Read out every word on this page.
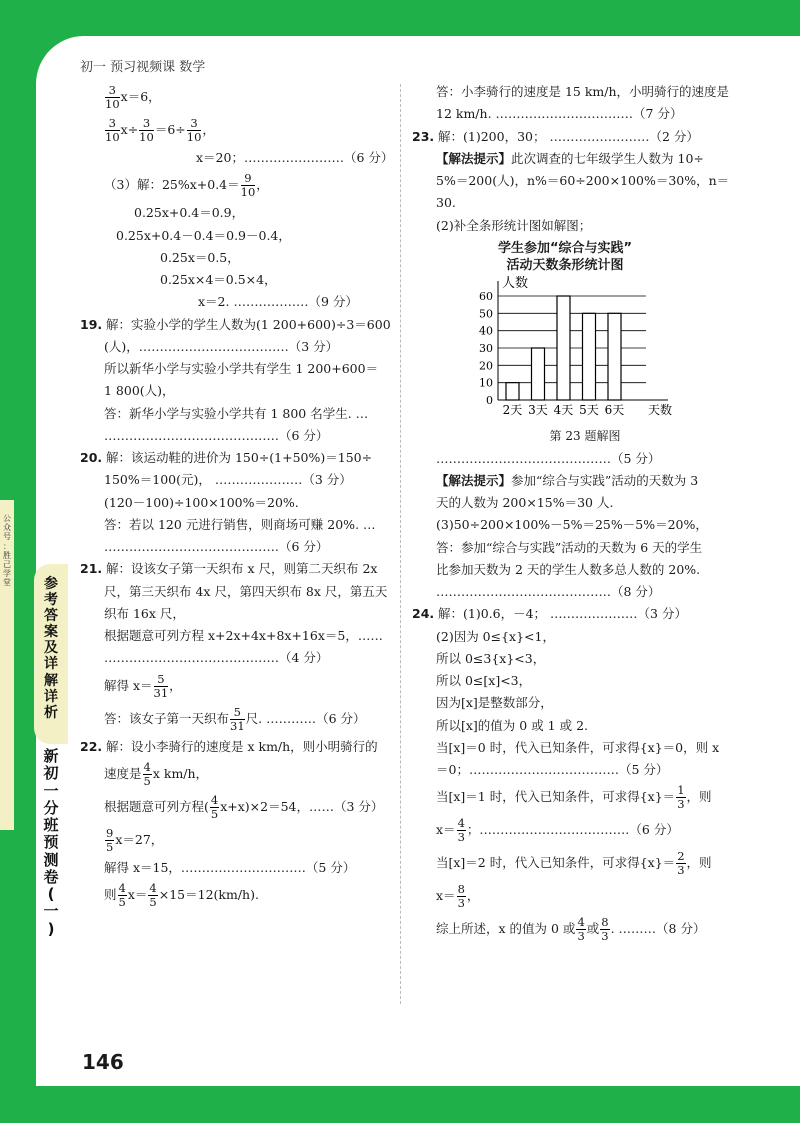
初一 预习视频课 数学
公
众
号
：
胜
己
学
堂	参
考
答
案
及
详
解
详
析
新
初
一
分
班
预
测
卷
(
一
)
$\frac{3}{10} x=6$，
$\frac{3}{10} x\div \frac{3}{10} =6\div \frac{3}{10}$ ，
x＝20；……………………（6 分）
（3）解：$25\%x+0.4= \frac{9}{10}$ ，
0.25x+0.4＝0.9，
0.25x+0.4－0.4＝0.9－0.4，
0.25x＝0.5，
0.25x×4＝0.5×4，
x＝2. ………………（9 分）
19. 解：实验小学的学生人数为(1 200+600)÷3＝600
(人)，………………………………（3 分）
所以新华小学与实验小学共有学生 1 200+600＝
1 800(人)，
答：新华小学与实验小学共有 1 800 名学生. …
……………………………………（6 分）
20. 解：该运动鞋的进价为 150÷(1+50%)＝150÷
150%＝100(元)， …………………（3 分）
(120－100)÷100×100%＝20%.
答：若以 120 元进行销售，则商场可赚 20%. …
……………………………………（6 分）
21. 解：设该女子第一天织布 x 尺，则第二天织布 2x
尺，第三天织布 4x 尺，第四天织布 8x 尺，第五天
织布 16x 尺，
根据题意可列方程 x+2x+4x+8x+16x＝5，……
……………………………………（4 分）
解得 $x= \frac{5}{31}$ ，
答：该女子第一天织布 $\frac{5}{31}$ 尺. …………（6 分）
22. 解：设小李骑行的速度是 x km/h，则小明骑行的
速度是 $\frac{4}{5}$ x km/h，
根据题意可列方程( $\frac{4}{5} x+x)\times 2=54$，……（3 分）
$\frac{9}{5} x=27$，
解得 x＝15，…………………………（5 分）
则 $\frac{4}{5} x= \frac{4}{5} \times 15=12(km/h)$.
答：小李骑行的速度是 15 km/h，小明骑行的速度是
12 km/h. ……………………………（7 分）
23. 解：(1)200，30； ……………………（2 分）
【解法提示】此次调查的七年级学生人数为 10÷
5%＝200(人)，n%＝60÷200×100%＝30%，n＝
30.
(2)补全条形统计图如解图；
学生参加“综合与实践”
活动天数条形统计图
人数
0
10
20
30
40
50
60
2天 3天 4天 5天 6天 天数
第 23 题解图
……………………………………（5 分）
【解法提示】参加“综合与实践”活动的天数为 3
天的人数为 200×15%＝30 人.
(3)50÷200×100%－5%＝25%－5%＝20%，
答：参加“综合与实践”活动的天数为 6 天的学生
比参加天数为 2 天的学生人数多总人数的 20%.
……………………………………（8 分）
24. 解：(1)0.6，－4； …………………（3 分）
(2)因为 0≤{x}<1，
所以 0≤3{x}<3，
所以 0≤[x]<3，
因为[x]是整数部分，
所以[x]的值为 0 或 1 或 2.
当[x]＝0 时，代入已知条件，可求得{x}＝0，则 x
＝0；………………………………（5 分）
当[x]＝1 时，代入已知条件，可求得$\{x\}= \frac{1}{3}$ ，则
$x= \frac{4}{3}$ ；………………………………（6 分）
当[x]＝2 时，代入已知条件，可求得$\{x\}= \frac{2}{3}$ ，则
$x= \frac{8}{3}$ ，
综上所述，x 的值为 0 或 $\frac{4}{3}$ 或 $\frac{8}{3}$ . ………（8 分）
146
